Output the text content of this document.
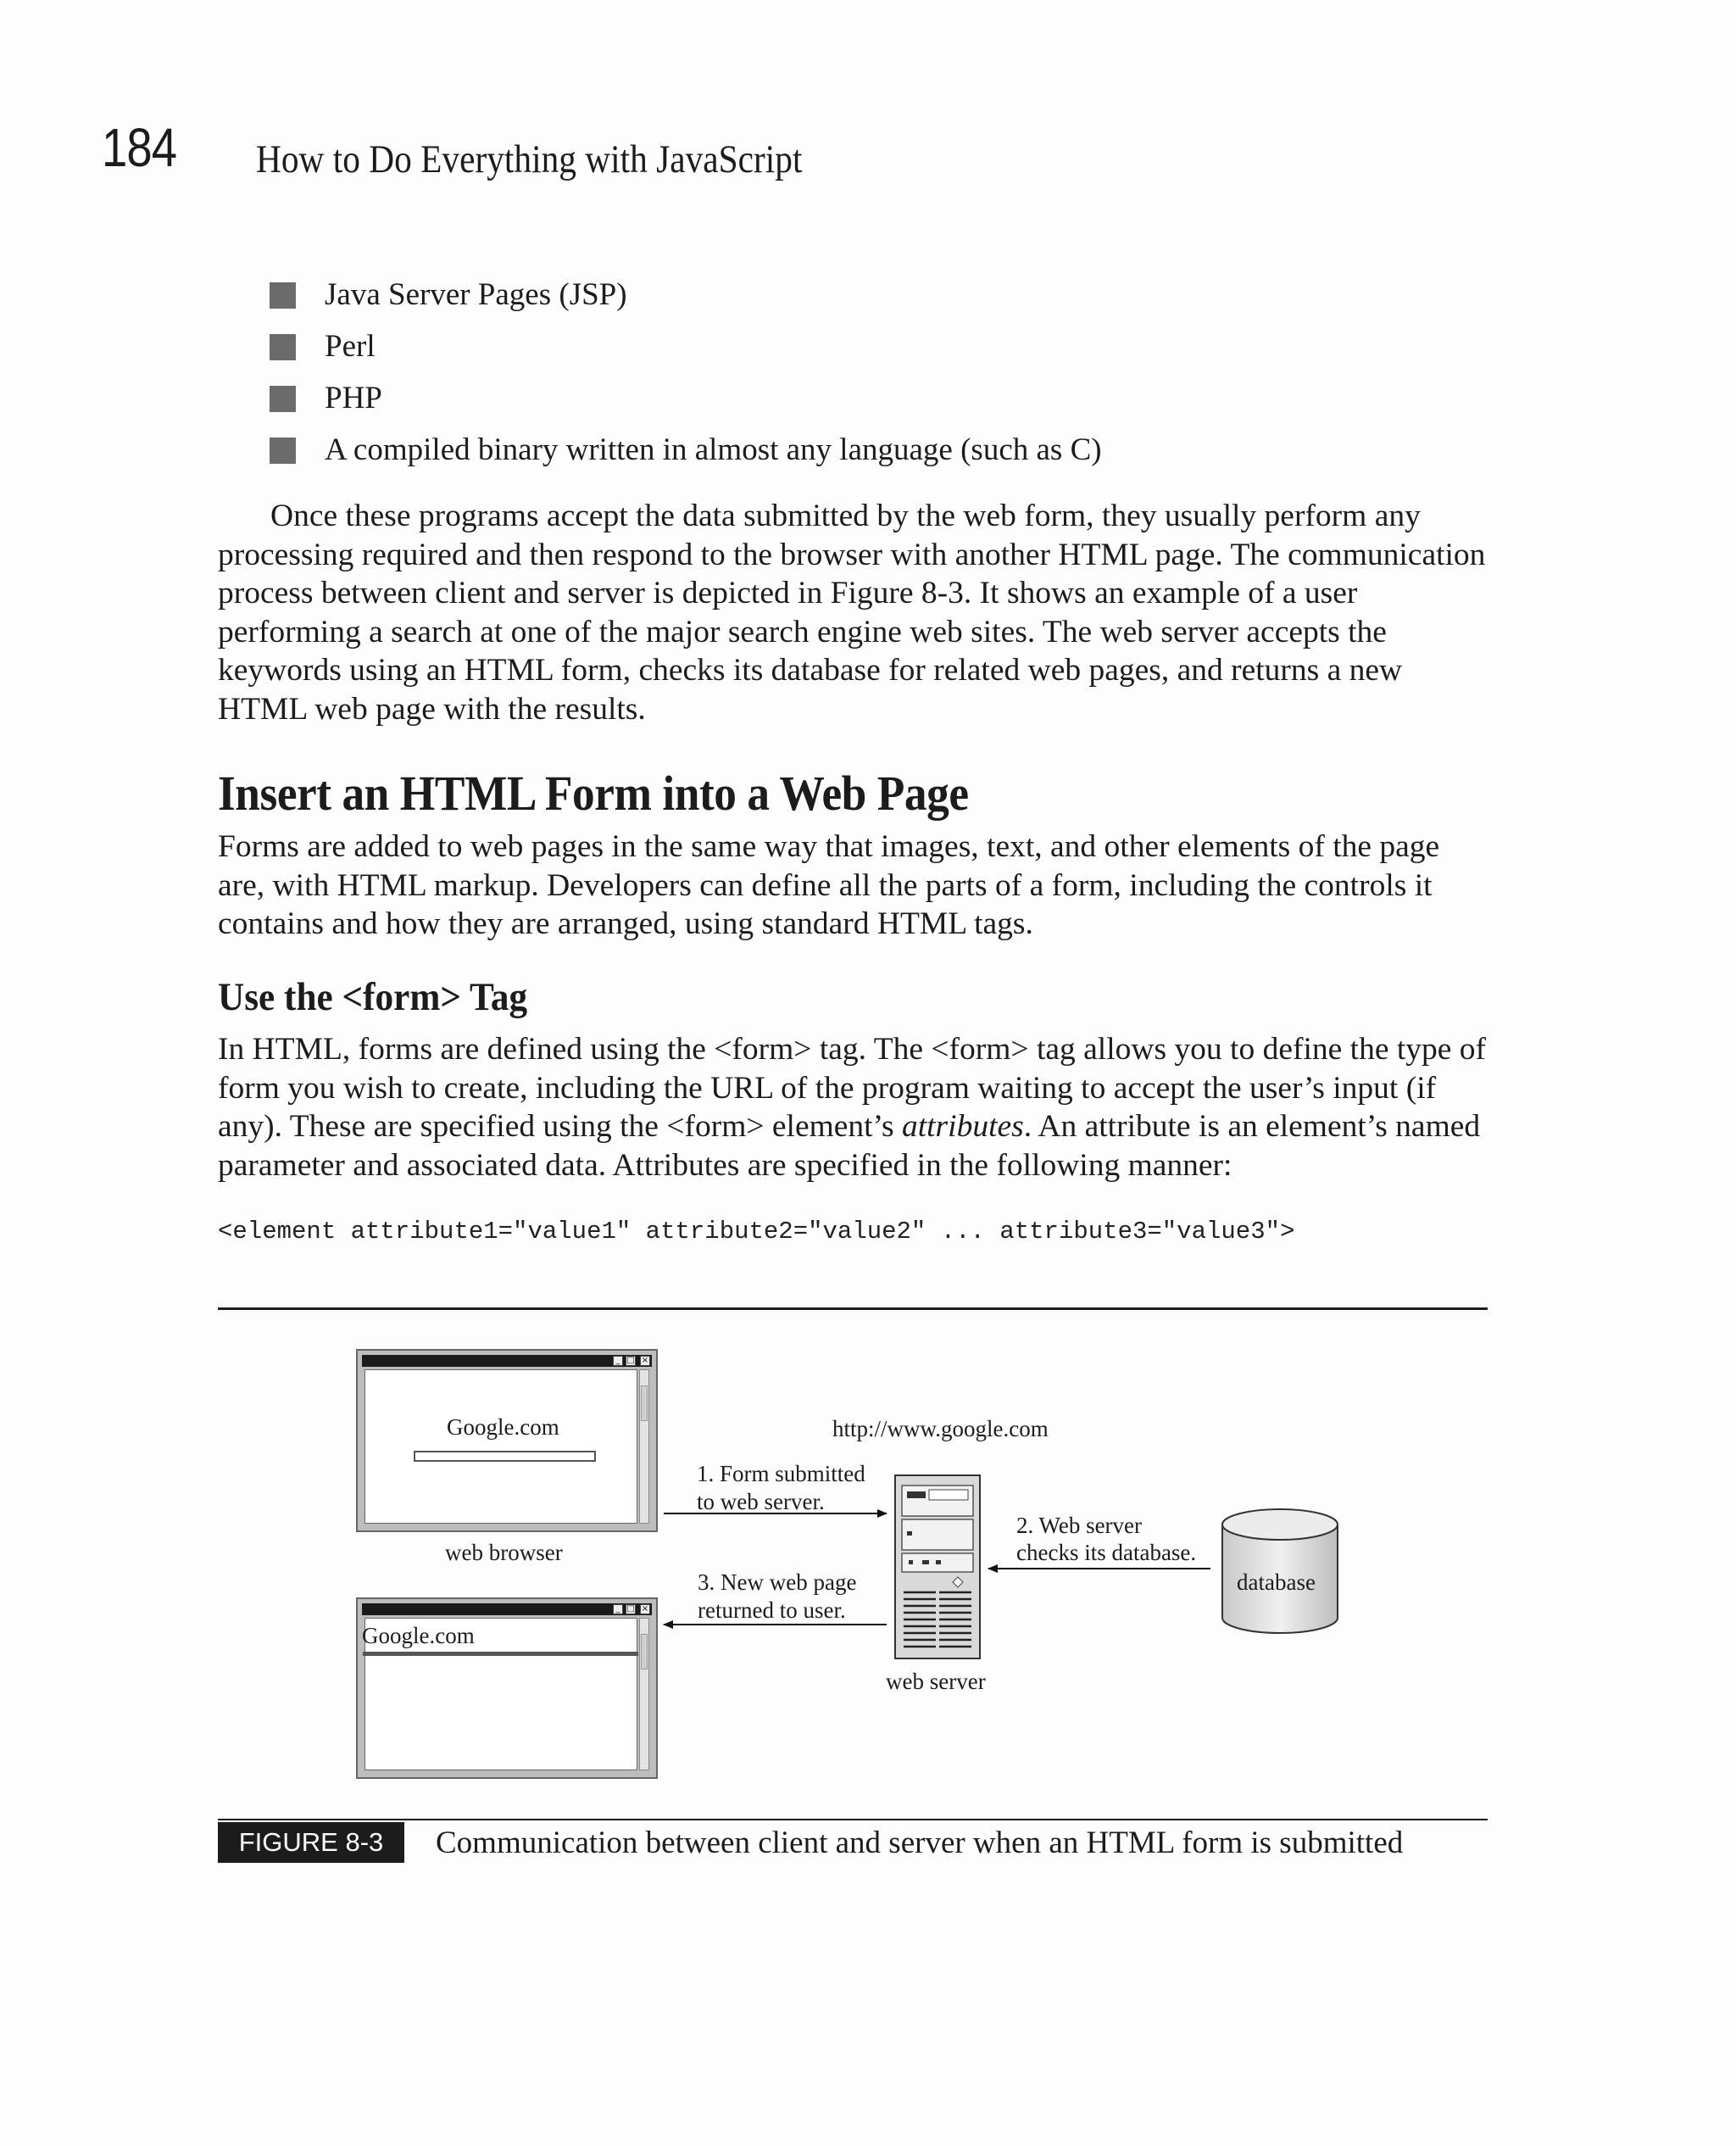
184 How to Do Everything with JavaScript
Java Server Pages (JSP)
Perl
PHP
A compiled binary written in almost any language (such as C)

Once these programs accept the data submitted by the web form, they usually perform any processing required and then respond to the browser with another HTML page. The communication process between client and server is depicted in Figure 8-3. It shows an example of a user performing a search at one of the major search engine web sites. The web server accepts the keywords using an HTML form, checks its database for related web pages, and returns a new HTML web page with the results.

Insert an HTML Form into a Web Page

Forms are added to web pages in the same way that images, text, and other elements of the page are, with HTML markup. Developers can define all the parts of a form, including the controls it contains and how they are arranged, using standard HTML tags.

Use the <form> Tag

In HTML, forms are defined using the <form> tag. The <form> tag allows you to define the type of form you wish to create, including the URL of the program waiting to accept the user’s input (if any). These are specified using the <form> element’s attributes. An attribute is an element’s named parameter and associated data. Attributes are specified in the following manner:

<element attribute1="value1" attribute2="value2" ... attribute3="value3">
_ □ ×
Google.com
web browser
_ □ ×
Google.com
http://www.google.com
1. Form submitted
to web server.
2. Web server
checks its database.
3. New web page
returned to user.
web server
database
FIGURE 8-3	Communication between client and server when an HTML form is submitted
